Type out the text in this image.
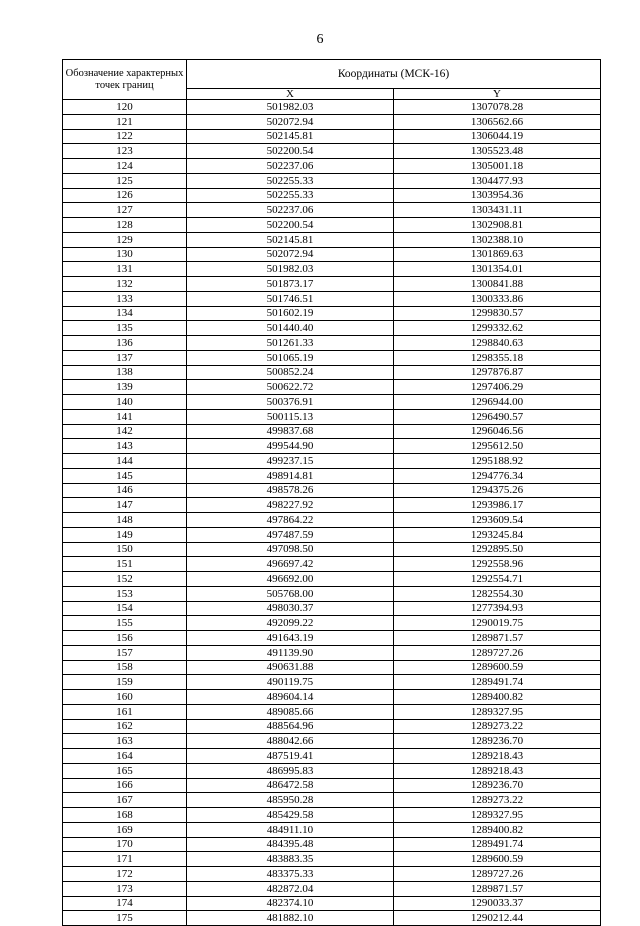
6
Обозначение характерных точек границ	Координаты (МСК-16)	
	X	Y
120	501982.03	1307078.28
121	502072.94	1306562.66
122	502145.81	1306044.19
123	502200.54	1305523.48
124	502237.06	1305001.18
125	502255.33	1304477.93
126	502255.33	1303954.36
127	502237.06	1303431.11
128	502200.54	1302908.81
129	502145.81	1302388.10
130	502072.94	1301869.63
131	501982.03	1301354.01
132	501873.17	1300841.88
133	501746.51	1300333.86
134	501602.19	1299830.57
135	501440.40	1299332.62
136	501261.33	1298840.63
137	501065.19	1298355.18
138	500852.24	1297876.87
139	500622.72	1297406.29
140	500376.91	1296944.00
141	500115.13	1296490.57
142	499837.68	1296046.56
143	499544.90	1295612.50
144	499237.15	1295188.92
145	498914.81	1294776.34
146	498578.26	1294375.26
147	498227.92	1293986.17
148	497864.22	1293609.54
149	497487.59	1293245.84
150	497098.50	1292895.50
151	496697.42	1292558.96
152	496692.00	1292554.71
153	505768.00	1282554.30
154	498030.37	1277394.93
155	492099.22	1290019.75
156	491643.19	1289871.57
157	491139.90	1289727.26
158	490631.88	1289600.59
159	490119.75	1289491.74
160	489604.14	1289400.82
161	489085.66	1289327.95
162	488564.96	1289273.22
163	488042.66	1289236.70
164	487519.41	1289218.43
165	486995.83	1289218.43
166	486472.58	1289236.70
167	485950.28	1289273.22
168	485429.58	1289327.95
169	484911.10	1289400.82
170	484395.48	1289491.74
171	483883.35	1289600.59
172	483375.33	1289727.26
173	482872.04	1289871.57
174	482374.10	1290033.37
175	481882.10	1290212.44
